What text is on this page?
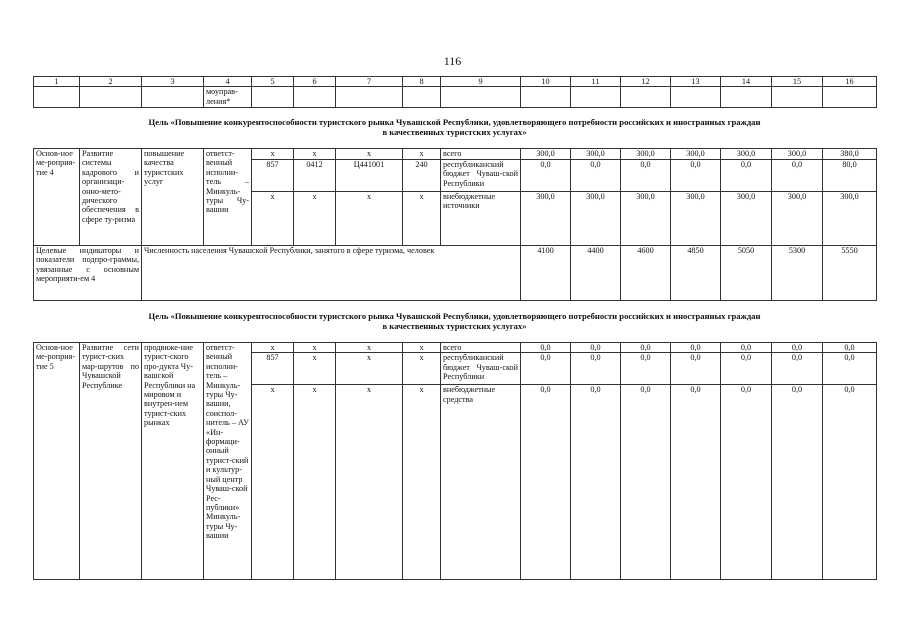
116
1	2	3	4	5	6	7	8	9	10	11	12	13	14	15	16
			моуправ-ления*												
Цель «Повышение конкурентоспособности туристского рынка Чувашской Республики, удовлетворяющего потребности российских и иностранных граждан
в качественных туристских услугах»
Основ-ное ме-роприя-тие 4	Развитие системы кадрового и организаци-онно-мето-дического обеспечения в сфере ту-ризма	повышение качества туристских услуг	ответст-венный исполни-тель – Минкуль-туры Чу-вашии	x	x	x	x	всего	300,0	300,0	300,0	300,0	300,0	300,0	380,0
				857	0412	Ц441001	240	республиканский бюджет Чуваш-ской Республики	0,0	0,0	0,0	0,0	0,0	0,0	80,0
				x	x	x	x	внебюджетные источники	300,0	300,0	300,0	300,0	300,0	300,0	300,0
Целевые индикаторы и показатели подпро-граммы, увязанные с основным мероприяти-ем 4		Численность населения Чувашской Республики, занятого в сфере туризма, человек							4100	4400	4600	4850	5050	5300	5550
Цель «Повышение конкурентоспособности туристского рынка Чувашской Республики, удовлетворяющего потребности российских и иностранных граждан
в качественных туристских услугах»
Основ-ное ме-роприя-тие 5	Развитие сети турист-ских мар-шрутов по Чувашской Республике	продвиже-ние турист-ского про-дукта Чу-вашской Республики на мировом и внутрен-нем турист-ских рынках	ответст-венный исполни-тель – Минкуль-туры Чу-вашии, соиспол-нитель – АУ «Ин-формаци-онный турист-ский и культур-ный центр Чуваш-ской Рес-публики» Минкуль-туры Чу-вашии	x	x	x	x	всего	0,0	0,0	0,0	0,0	0,0	0,0	0,0
				857	x	x	x	республиканский бюджет Чуваш-ской Республики	0,0	0,0	0,0	0,0	0,0	0,0	0,0
				x	x	x	x	внебюджетные средства	0,0	0,0	0,0	0,0	0,0	0,0	0,0
